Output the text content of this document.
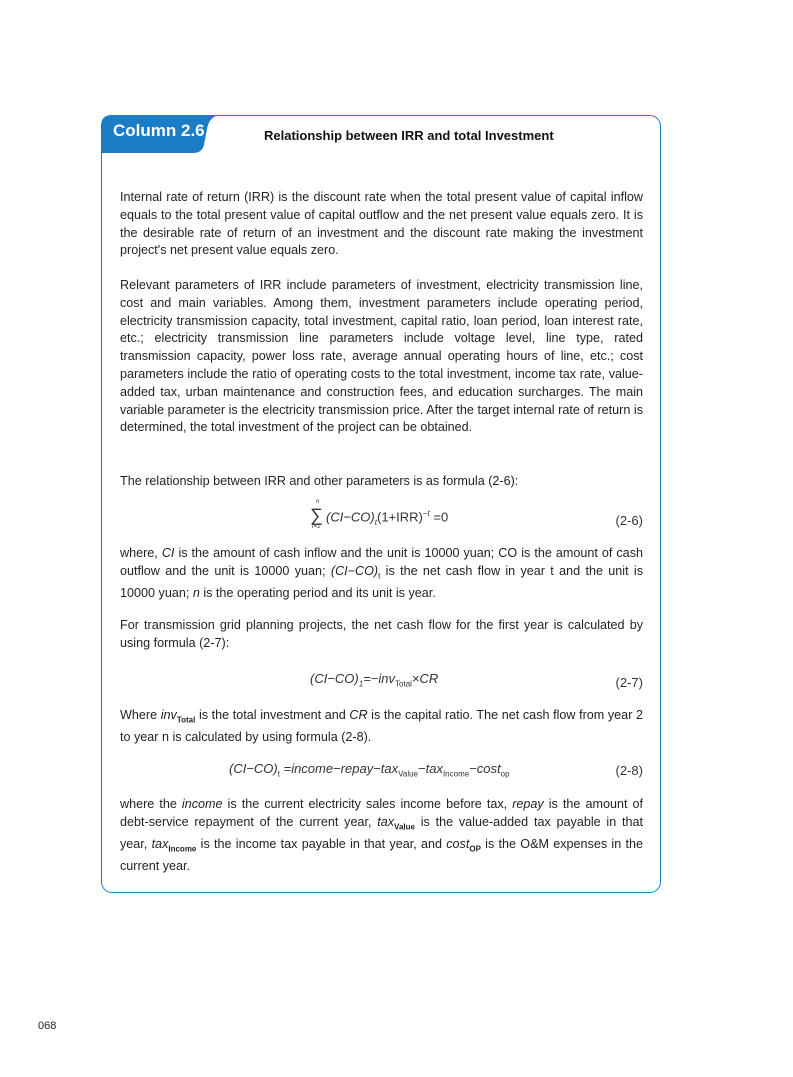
Column 2.6	Relationship between IRR and total Investment

Internal rate of return (IRR) is the discount rate when the total present value of capital inflow equals to the total present value of capital outflow and the net present value equals zero. It is the desirable rate of return of an investment and the discount rate making the investment project's net present value equals zero.

Relevant parameters of IRR include parameters of investment, electricity transmission line, cost and main variables. Among them, investment parameters include operating period, electricity transmission capacity, total investment, capital ratio, loan period, loan interest rate, etc.; electricity transmission line parameters include voltage level, line type, rated transmission capacity, power loss rate, average annual operating hours of line, etc.; cost parameters include the ratio of operating costs to the total investment, income tax rate, value-added tax, urban maintenance and construction fees, and education surcharges. The main variable parameter is the electricity transmission price. After the target internal rate of return is determined, the total investment of the project can be obtained.

The relationship between IRR and other parameters is as formula (2-6):

∑
n
t=1
$(CI-CO)_t(1+IRR)^{-t} =0$	(2-6)

where, CI is the amount of cash inflow and the unit is 10000 yuan; CO is the amount of cash outflow and the unit is 10000 yuan; $(CI-CO)_t$ is the net cash flow in year t and the unit is 10000 yuan; n is the operating period and its unit is year.

For transmission grid planning projects, the net cash flow for the first year is calculated by using formula (2-7):

$(CI-CO)_1=-inv_{Total}\times CR$	(2-7)

Where inv$_{Total}$ is the total investment and CR is the capital ratio. The net cash flow from year 2 to year n is calculated by using formula (2-8).

$(CI-CO)_t$ =income−repay−tax$_{Value}$−tax$_{Income}$−cost$_{op}$	(2-8)

where the income is the current electricity sales income before tax, repay is the amount of debt-service repayment of the current year, tax$_{Value}$ is the value-added tax payable in that year, tax$_{Income}$ is the income tax payable in that year, and cost$_{OP}$ is the O&M expenses in the current year.

068
